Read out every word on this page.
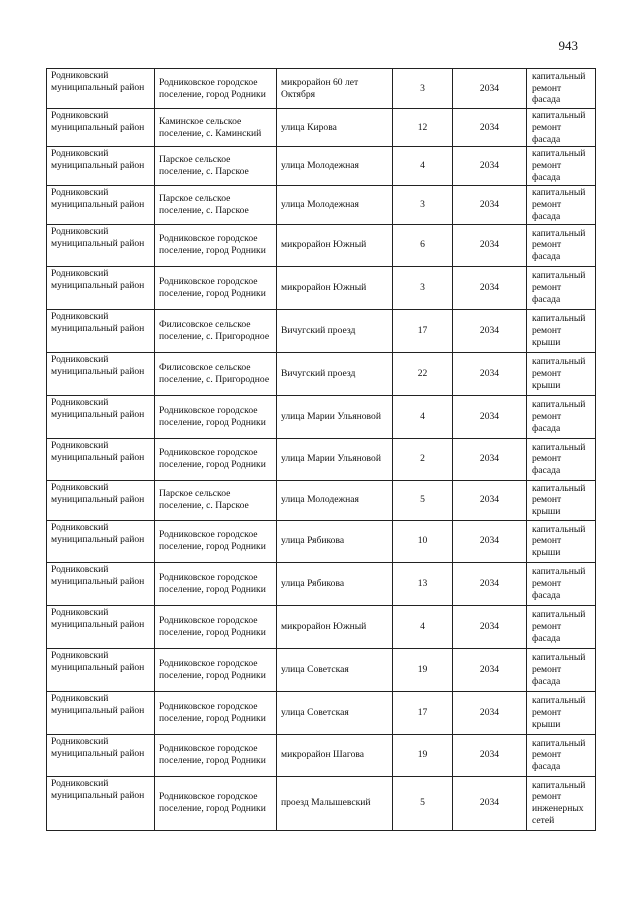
943
Родниковский муниципальный район	Родниковское городское поселение, город Родники	микрорайон 60 лет Октября	3	2034	капитальный ремонт фасада
Родниковский муниципальный район	Каминское сельское поселение, с. Каминский	улица Кирова	12	2034	капитальный ремонт фасада
Родниковский муниципальный район	Парское сельское поселение, с. Парское	улица Молодежная	4	2034	капитальный ремонт фасада
Родниковский муниципальный район	Парское сельское поселение, с. Парское	улица Молодежная	3	2034	капитальный ремонт фасада
Родниковский муниципальный район	Родниковское городское поселение, город Родники	микрорайон Южный	6	2034	капитальный ремонт фасада
Родниковский муниципальный район	Родниковское городское поселение, город Родники	микрорайон Южный	3	2034	капитальный ремонт фасада
Родниковский муниципальный район	Филисовское сельское поселение, с. Пригородное	Вичугский проезд	17	2034	капитальный ремонт крыши
Родниковский муниципальный район	Филисовское сельское поселение, с. Пригородное	Вичугский проезд	22	2034	капитальный ремонт крыши
Родниковский муниципальный район	Родниковское городское поселение, город Родники	улица Марии Ульяновой	4	2034	капитальный ремонт фасада
Родниковский муниципальный район	Родниковское городское поселение, город Родники	улица Марии Ульяновой	2	2034	капитальный ремонт фасада
Родниковский муниципальный район	Парское сельское поселение, с. Парское	улица Молодежная	5	2034	капитальный ремонт крыши
Родниковский муниципальный район	Родниковское городское поселение, город Родники	улица Рябикова	10	2034	капитальный ремонт крыши
Родниковский муниципальный район	Родниковское городское поселение, город Родники	улица Рябикова	13	2034	капитальный ремонт фасада
Родниковский муниципальный район	Родниковское городское поселение, город Родники	микрорайон Южный	4	2034	капитальный ремонт фасада
Родниковский муниципальный район	Родниковское городское поселение, город Родники	улица Советская	19	2034	капитальный ремонт фасада
Родниковский муниципальный район	Родниковское городское поселение, город Родники	улица Советская	17	2034	капитальный ремонт крыши
Родниковский муниципальный район	Родниковское городское поселение, город Родники	микрорайон Шагова	19	2034	капитальный ремонт фасада
Родниковский муниципальный район	Родниковское городское поселение, город Родники	проезд Малышевский	5	2034	капитальный ремонт инженерных сетей
